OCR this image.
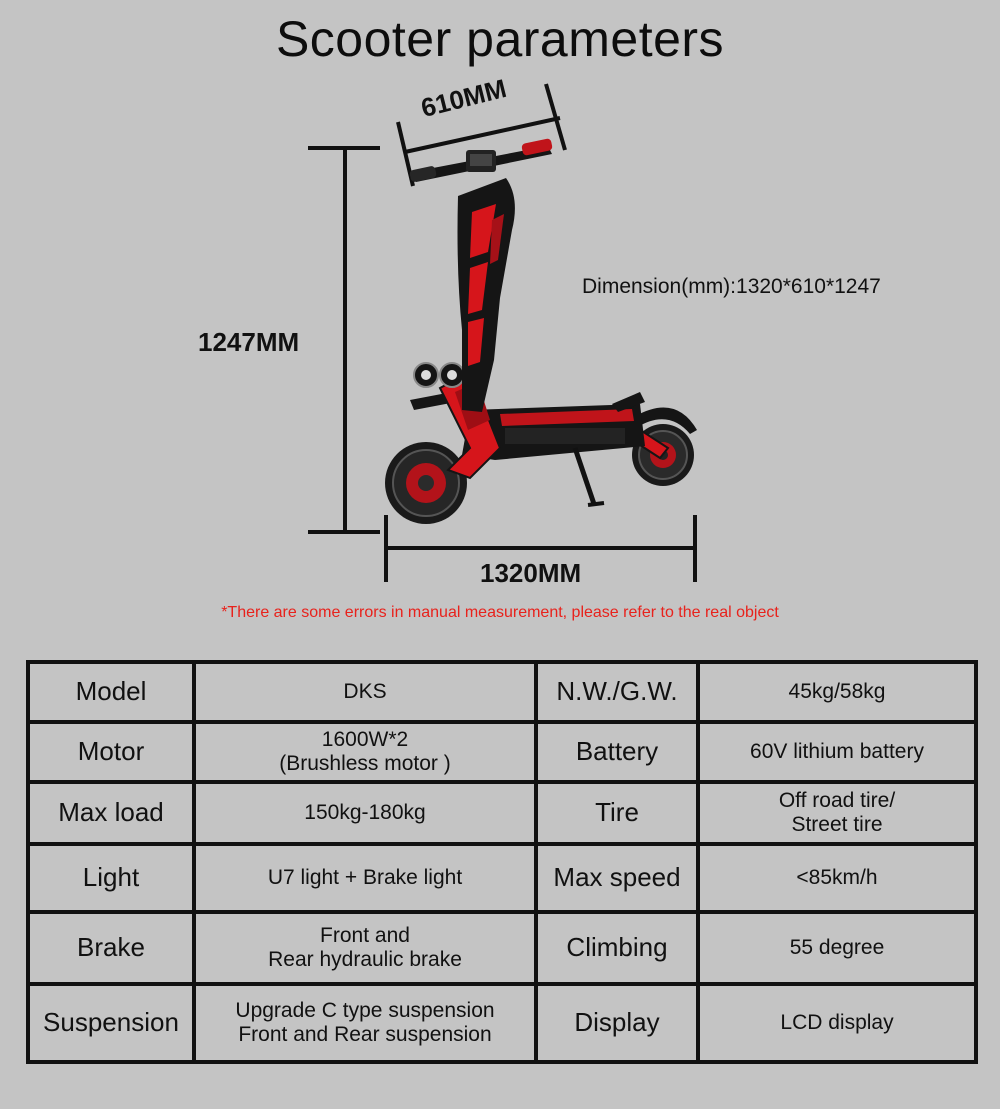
Scooter parameters
610MM
1247MM
1320MM
Dimension(mm):1320*610*1247
*There are some errors in manual measurement, please refer to the real object
Model	DKS	N.W./G.W.	45kg/58kg

Motor	1600W*2
(Brushless motor )	Battery	60V lithium battery

Max load	150kg-180kg	Tire	Off road tire/
Street tire

Light	U7 light + Brake light	Max speed	<85km/h

Brake	Front and
Rear hydraulic brake	Climbing	55 degree

Suspension	Upgrade C type suspension
Front and Rear suspension	Display	LCD display
